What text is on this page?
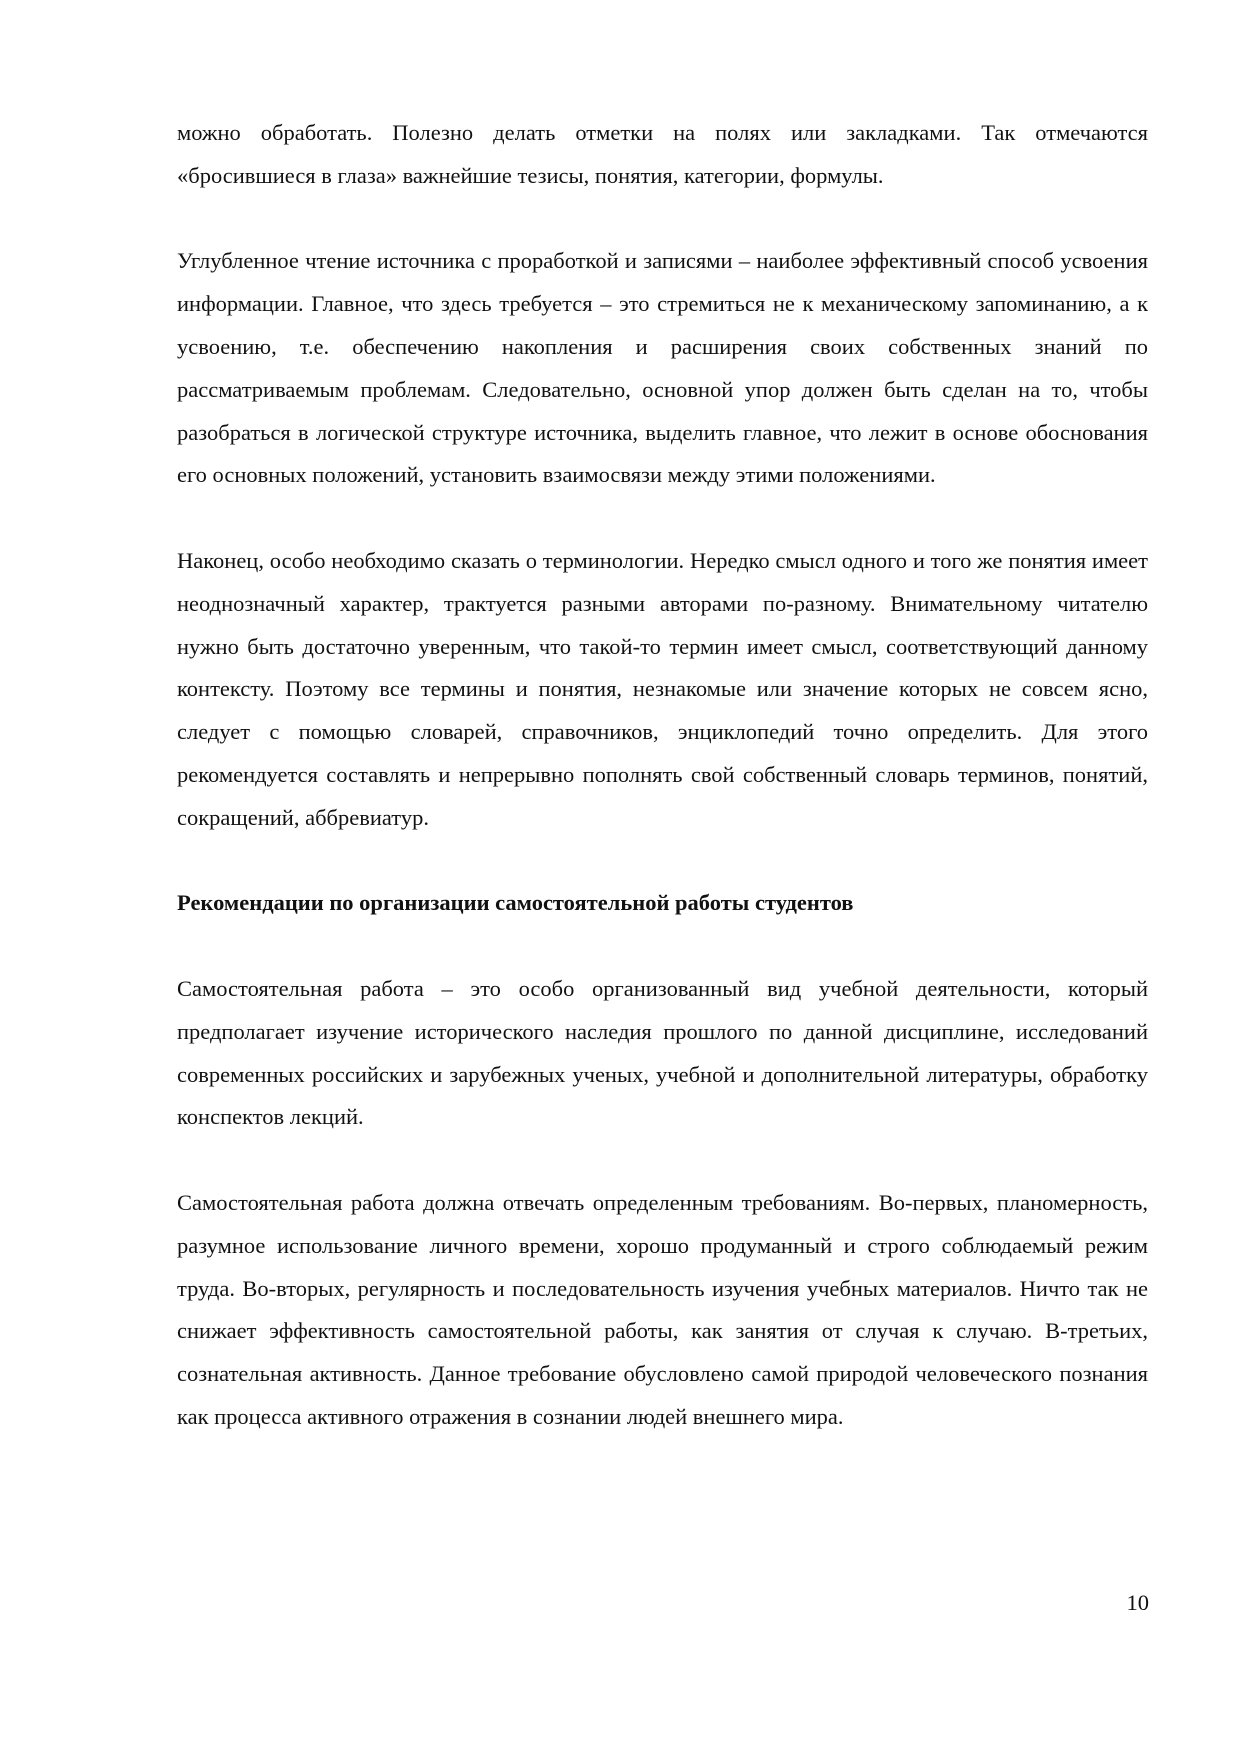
можно обработать. Полезно делать отметки на полях или закладками. Так отмечаются «бросившиеся в глаза» важнейшие тезисы, понятия, категории, формулы.

Углубленное чтение источника с проработкой и записями – наиболее эффективный способ усвоения информации. Главное, что здесь требуется – это стремиться не к механическому запоминанию, а к усвоению, т.е. обеспечению накопления и расширения своих собственных знаний по рассматриваемым проблемам. Следовательно, основной упор должен быть сделан на то, чтобы разобраться в логической структуре источника, выделить главное, что лежит в основе обоснования его основных положений, установить взаимосвязи между этими положениями.

Наконец, особо необходимо сказать о терминологии. Нередко смысл одного и того же понятия имеет неоднозначный характер, трактуется разными авторами по-разному. Внимательному читателю нужно быть достаточно уверенным, что такой-то термин имеет смысл, соответствующий данному контексту. Поэтому все термины и понятия, незнакомые или значение которых не совсем ясно, следует с помощью словарей, справочников, энциклопедий точно определить. Для этого рекомендуется составлять и непрерывно пополнять свой собственный словарь терминов, понятий, сокращений, аббревиатур.

Рекомендации по организации самостоятельной работы студентов

Самостоятельная работа – это особо организованный вид учебной деятельности, который предполагает изучение исторического наследия прошлого по данной дисциплине, исследований современных российских и зарубежных ученых, учебной и дополнительной литературы, обработку конспектов лекций.

Самостоятельная работа должна отвечать определенным требованиям. Во-первых, планомерность, разумное использование личного времени, хорошо продуманный и строго соблюдаемый режим труда. Во-вторых, регулярность и последовательность изучения учебных материалов. Ничто так не снижает эффективность самостоятельной работы, как занятия от случая к случаю. В-третьих, сознательная активность. Данное требование обусловлено самой природой человеческого познания как процесса активного отражения в сознании людей внешнего мира.

10
